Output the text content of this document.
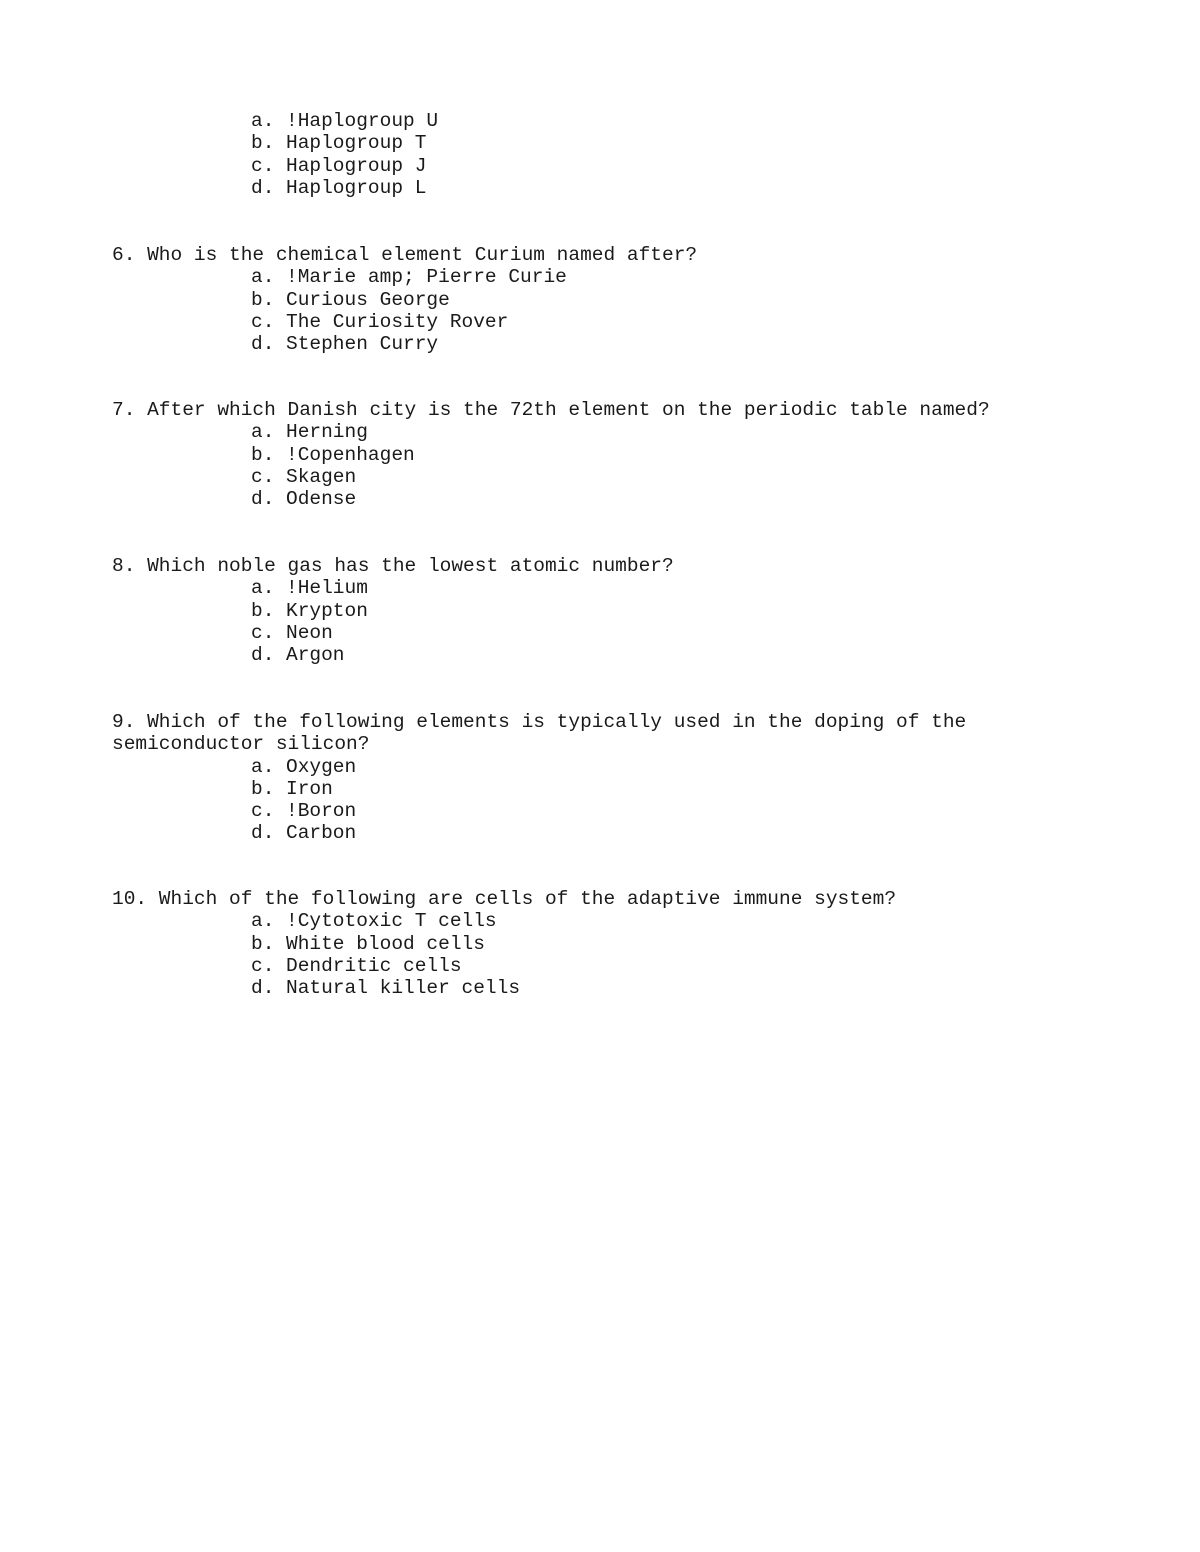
a. !Haplogroup U
b. Haplogroup T
c. Haplogroup J
d. Haplogroup L

6. Who is the chemical element Curium named after?

a. !Marie amp; Pierre Curie
b. Curious George
c. The Curiosity Rover
d. Stephen Curry

7. After which Danish city is the 72th element on the periodic table named?

a. Herning
b. !Copenhagen
c. Skagen
d. Odense

8. Which noble gas has the lowest atomic number?

a. !Helium
b. Krypton
c. Neon
d. Argon

9. Which of the following elements is typically used in the doping of the
semiconductor silicon?

a. Oxygen
b. Iron
c. !Boron
d. Carbon

10. Which of the following are cells of the adaptive immune system?

a. !Cytotoxic T cells
b. White blood cells
c. Dendritic cells
d. Natural killer cells
